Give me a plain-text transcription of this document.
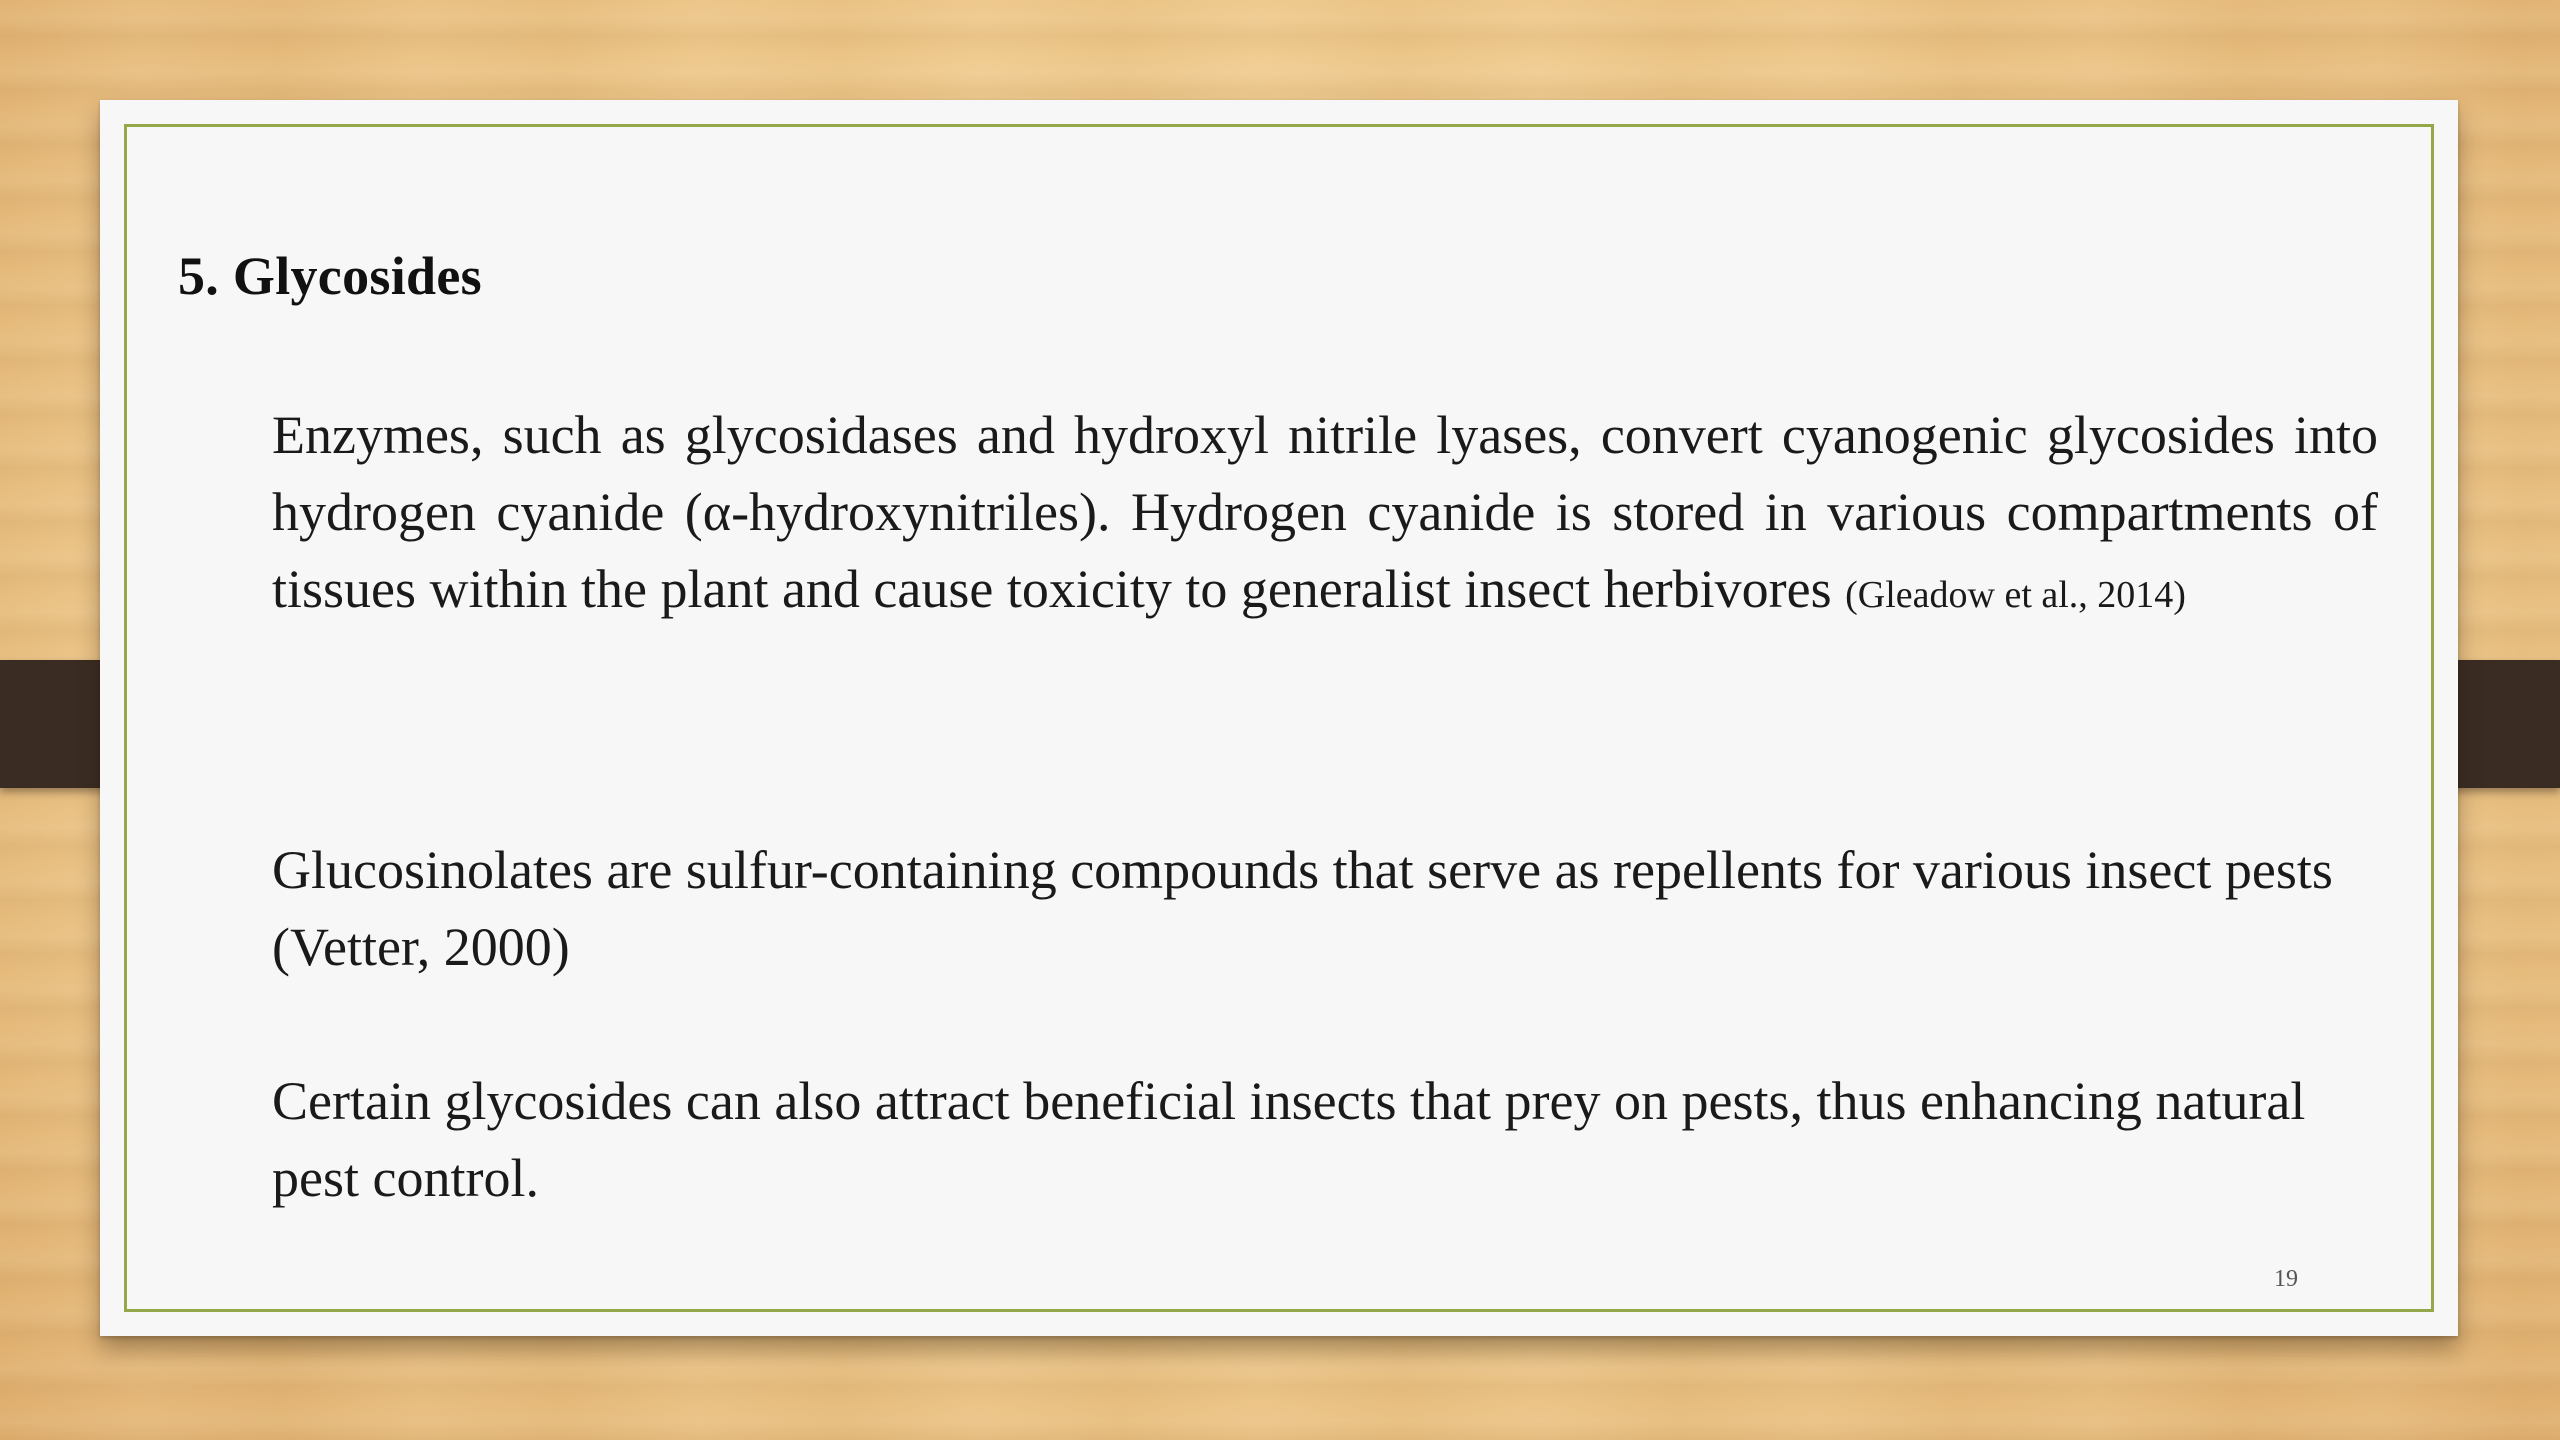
5. Glycosides

Enzymes, such as glycosidases and hydroxyl nitrile lyases, convert cyanogenic glycosides into hydrogen cyanide (α-hydroxynitriles). Hydrogen cyanide is stored in various compartments of tissues within the plant and cause toxicity to generalist insect herbivores (Gleadow et al., 2014)

Glucosinolates are sulfur-containing compounds that serve as repellents for various insect pests (Vetter, 2000)

Certain glycosides can also attract beneficial insects that prey on pests, thus enhancing natural pest control.

19
